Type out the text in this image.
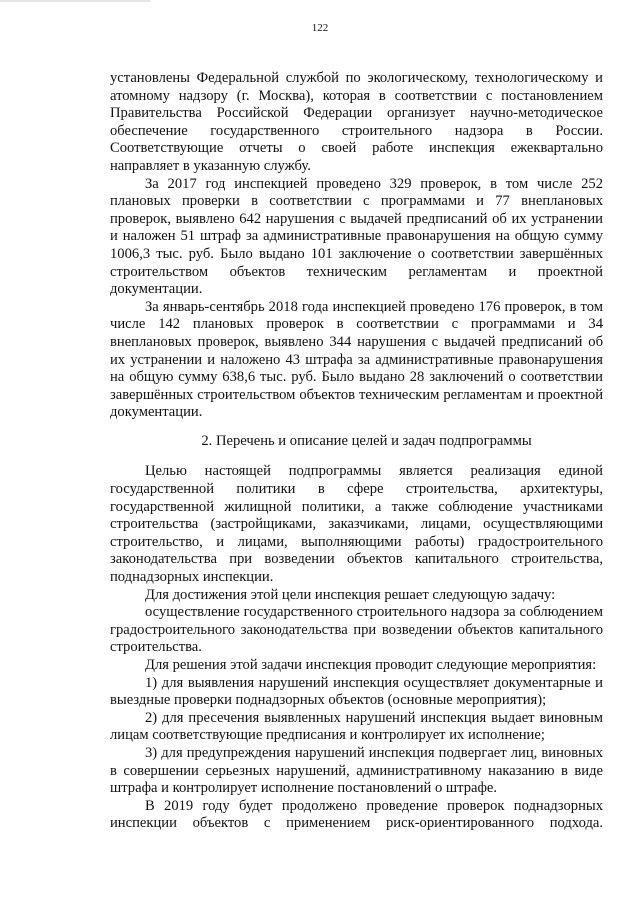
122

установлены Федеральной службой по экологическому, технологическому и атомному надзору (г. Москва), которая в соответствии с постановлением Правительства Российской Федерации организует научно-методическое обеспечение государственного строительного надзора в России. Соответствующие отчеты о своей работе инспекция ежеквартально направляет в указанную службу.

За 2017 год инспекцией проведено 329 проверок, в том числе 252 плановых проверки в соответствии с программами и 77 внеплановых проверок, выявлено 642 нарушения с выдачей предписаний об их устранении и наложен 51 штраф за административные правонарушения на общую сумму 1006,3 тыс. руб. Было выдано 101 заключение о соответствии завершённых строительством объектов техническим регламентам и проектной документации.

За январь-сентябрь 2018 года инспекцией проведено 176 проверок, в том числе 142 плановых проверок в соответствии с программами и 34 внеплановых проверок, выявлено 344 нарушения с выдачей предписаний об их устранении и наложено 43 штрафа за административные правонарушения на общую сумму 638,6 тыс. руб. Было выдано 28 заключений о соответствии завершённых строительством объектов техническим регламентам и проектной документации.

2. Перечень и описание целей и задач подпрограммы

Целью настоящей подпрограммы является реализация единой государственной политики в сфере строительства, архитектуры, государственной жилищной политики, а также соблюдение участниками строительства (застройщиками, заказчиками, лицами, осуществляющими строительство, и лицами, выполняющими работы) градостроительного законодательства при возведении объектов капитального строительства, поднадзорных инспекции.

Для достижения этой цели инспекция решает следующую задачу:

осуществление государственного строительного надзора за соблюдением градостроительного законодательства при возведении объектов капитального строительства.

Для решения этой задачи инспекция проводит следующие мероприятия:

1) для выявления нарушений инспекция осуществляет документарные и выездные проверки поднадзорных объектов (основные мероприятия);

2) для пресечения выявленных нарушений инспекция выдает виновным лицам соответствующие предписания и контролирует их исполнение;

3) для предупреждения нарушений инспекция подвергает лиц, виновных в совершении серьезных нарушений, административному наказанию в виде штрафа и контролирует исполнение постановлений о штрафе.

В 2019 году будет продолжено проведение проверок поднадзорных инспекции объектов с применением риск-ориентированного подхода.
